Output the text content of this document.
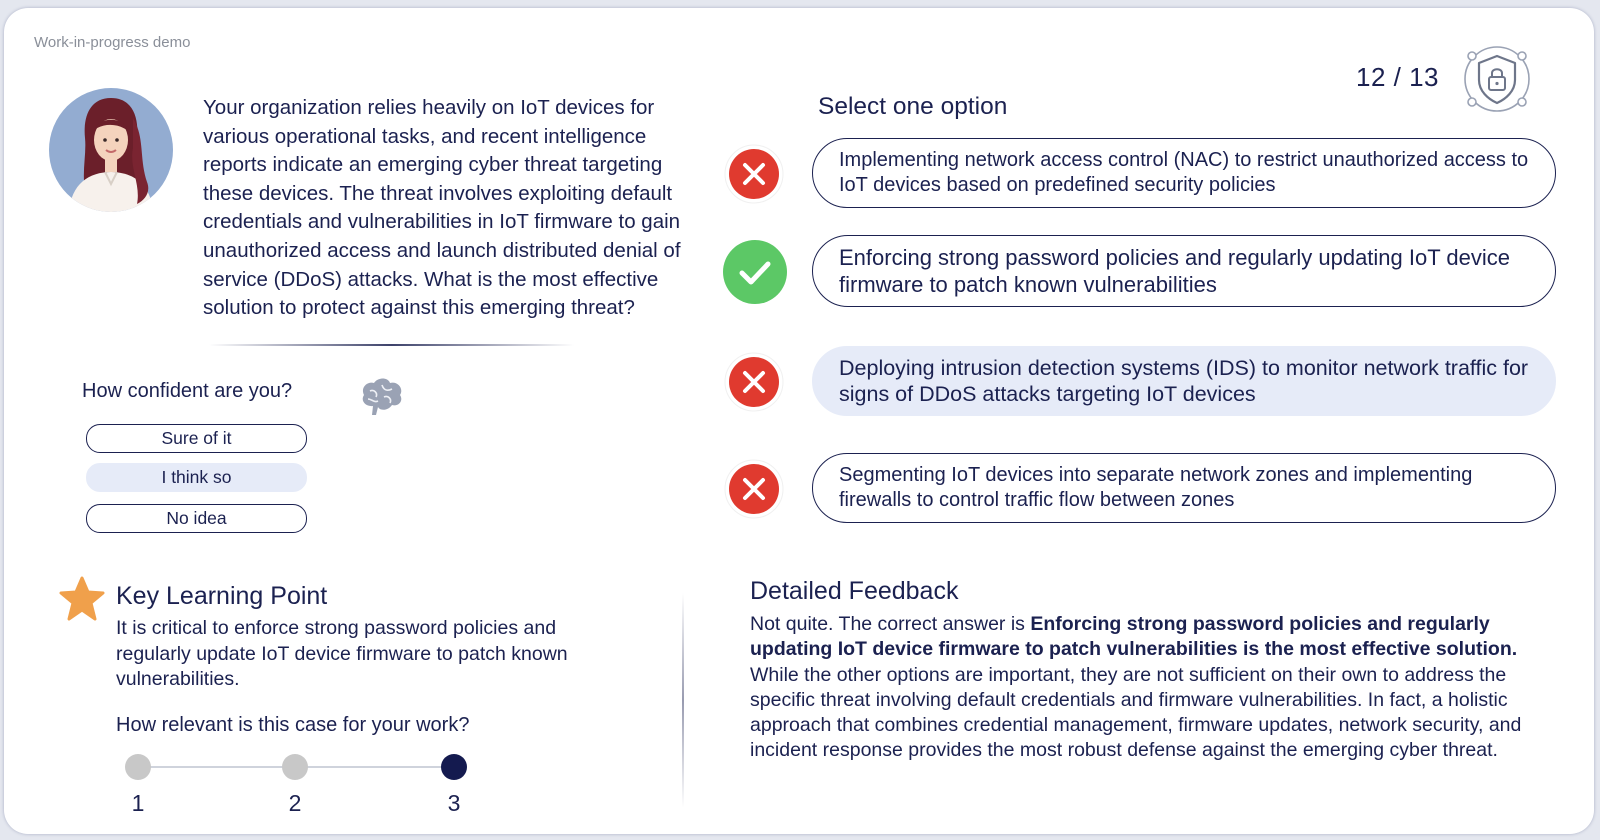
Work-in-progress demo
Your organization relies heavily on IoT devices for various operational tasks, and recent intelligence reports indicate an emerging cyber threat targeting these devices. The threat involves exploiting default credentials and vulnerabilities in IoT firmware to gain unauthorized access and launch distributed denial of service (DDoS) attacks. What is the most effective solution to protect against this emerging threat?
How confident are you?
Sure of it
I think so
No idea
Key Learning Point
It is critical to enforce strong password policies and regularly update IoT device firmware to patch known vulnerabilities.
How relevant is this case for your work?
1	2	3
12 / 13
Select one option
Implementing network access control (NAC) to restrict unauthorized access to IoT devices based on predefined security policies
Enforcing strong password policies and regularly updating IoT device firmware to patch known vulnerabilities
Deploying intrusion detection systems (IDS) to monitor network traffic for signs of DDoS attacks targeting IoT devices
Segmenting IoT devices into separate network zones and implementing firewalls to control traffic flow between zones
Detailed Feedback
Not quite. The correct answer is Enforcing strong password policies and regularly updating IoT device firmware to patch vulnerabilities is the most effective solution. While the other options are important, they are not sufficient on their own to address the specific threat involving default credentials and firmware vulnerabilities. In fact, a holistic approach that combines credential management, firmware updates, network security, and incident response provides the most robust defense against the emerging cyber threat.
